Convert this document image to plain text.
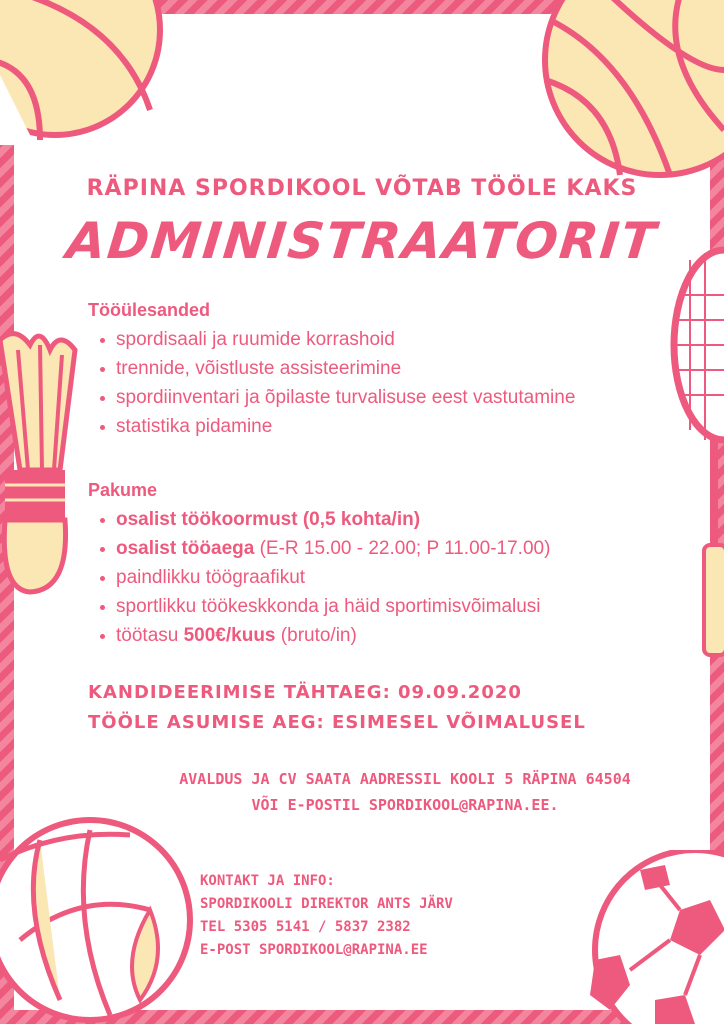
RÄPINA SPORDIKOOL VÕTAB TÖÖLE KAKS
ADMINISTRAATORIT
Tööülesanded
spordisaali ja ruumide korrashoid
trennide, võistluste assisteerimine
spordiinventari ja õpilaste turvalisuse eest vastutamine
statistika pidamine
Pakume
osalist töökoormust (0,5 kohta/in)
osalist tööaega (E-R 15.00 - 22.00; P 11.00-17.00)
paindlikku töögraafikut
sportlikku töökeskkonda ja häid sportimisvõimalusi
töötasu 500€/kuus (bruto/in)
KANDIDEERIMISE TÄHTAEG: 09.09.2020
TÖÖLE ASUMISE AEG: ESIMESEL VÕIMALUSEL
AVALDUS JA CV SAATA AADRESSIL KOOLI 5 RÄPINA 64504
VÕI E-POSTIL SPORDIKOOL@RAPINA.EE.
KONTAKT JA INFO:
SPORDIKOOLI DIREKTOR ANTS JÄRV
TEL 5305 5141 / 5837 2382
E-POST SPORDIKOOL@RAPINA.EE
